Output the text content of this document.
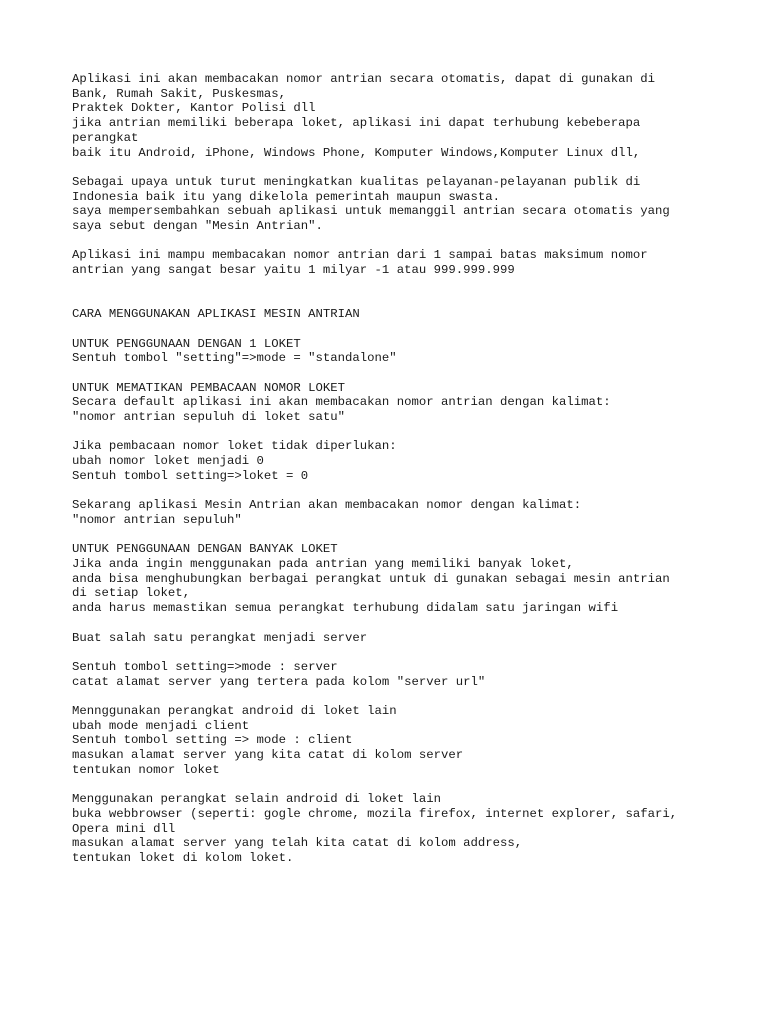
Aplikasi ini akan membacakan nomor antrian secara otomatis, dapat di gunakan di
Bank, Rumah Sakit, Puskesmas,
Praktek Dokter, Kantor Polisi dll
jika antrian memiliki beberapa loket, aplikasi ini dapat terhubung kebeberapa
perangkat
baik itu Android, iPhone, Windows Phone, Komputer Windows,Komputer Linux dll,
Sebagai upaya untuk turut meningkatkan kualitas pelayanan-pelayanan publik di
Indonesia baik itu yang dikelola pemerintah maupun swasta.
saya mempersembahkan sebuah aplikasi untuk memanggil antrian secara otomatis yang
saya sebut dengan "Mesin Antrian".
Aplikasi ini mampu membacakan nomor antrian dari 1 sampai batas maksimum nomor
antrian yang sangat besar yaitu 1 milyar -1 atau 999.999.999
CARA MENGGUNAKAN APLIKASI MESIN ANTRIAN
UNTUK PENGGUNAAN DENGAN 1 LOKET
Sentuh tombol "setting"=>mode = "standalone"
UNTUK MEMATIKAN PEMBACAAN NOMOR LOKET
Secara default aplikasi ini akan membacakan nomor antrian dengan kalimat:
"nomor antrian sepuluh di loket satu"
Jika pembacaan nomor loket tidak diperlukan:
ubah nomor loket menjadi 0
Sentuh tombol setting=>loket = 0
Sekarang aplikasi Mesin Antrian akan membacakan nomor dengan kalimat:
"nomor antrian sepuluh"
UNTUK PENGGUNAAN DENGAN BANYAK LOKET
Jika anda ingin menggunakan pada antrian yang memiliki banyak loket,
anda bisa menghubungkan berbagai perangkat untuk di gunakan sebagai mesin antrian
di setiap loket,
anda harus memastikan semua perangkat terhubung didalam satu jaringan wifi
Buat salah satu perangkat menjadi server
Sentuh tombol setting=>mode : server
catat alamat server yang tertera pada kolom "server url"
Mennggunakan perangkat android di loket lain
ubah mode menjadi client
Sentuh tombol setting => mode : client
masukan alamat server yang kita catat di kolom server
tentukan nomor loket
Menggunakan perangkat selain android di loket lain
buka webbrowser (seperti: gogle chrome, mozila firefox, internet explorer, safari,
Opera mini dll
masukan alamat server yang telah kita catat di kolom address,
tentukan loket di kolom loket.
